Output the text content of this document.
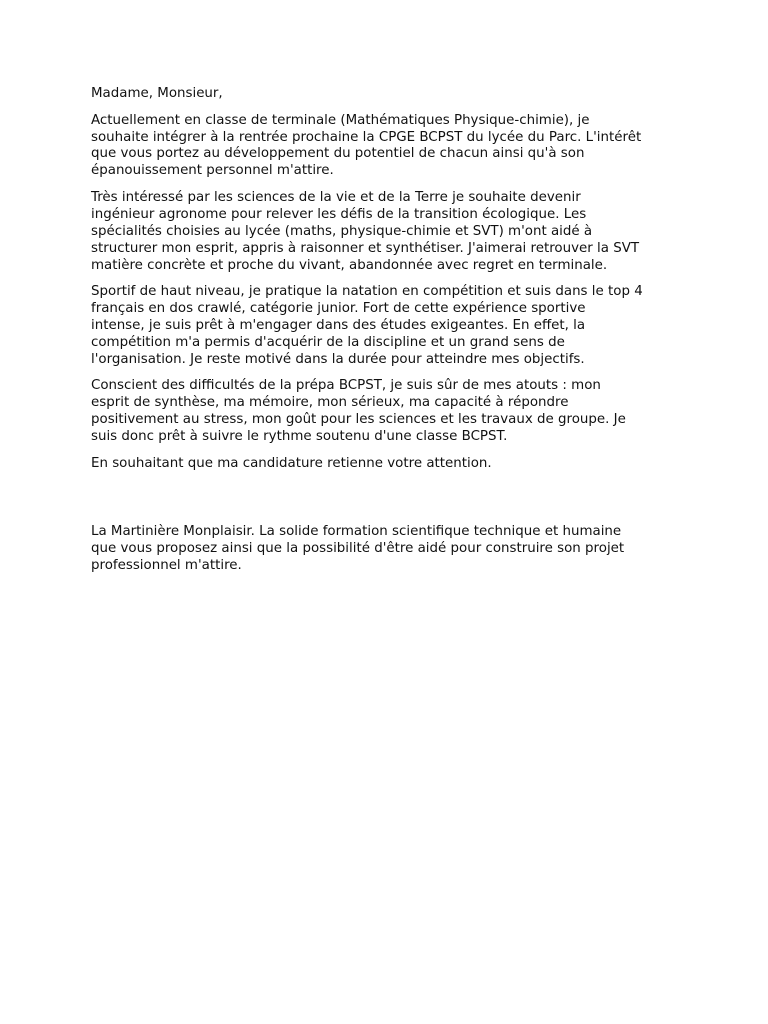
Madame, Monsieur,

Actuellement en classe de terminale (Mathématiques Physique-chimie), je
souhaite intégrer à la rentrée prochaine la CPGE BCPST du lycée du Parc. L'intérêt
que vous portez au développement du potentiel de chacun ainsi qu'à son
épanouissement personnel m'attire.

Très intéressé par les sciences de la vie et de la Terre je souhaite devenir
ingénieur agronome pour relever les défis de la transition écologique. Les
spécialités choisies au lycée (maths, physique-chimie et SVT) m'ont aidé à
structurer mon esprit, appris à raisonner et synthétiser. J'aimerai retrouver la SVT
matière concrète et proche du vivant, abandonnée avec regret en terminale.

Sportif de haut niveau, je pratique la natation en compétition et suis dans le top 4
français en dos crawlé, catégorie junior. Fort de cette expérience sportive
intense, je suis prêt à m'engager dans des études exigeantes. En effet, la
compétition m'a permis d'acquérir de la discipline et un grand sens de
l'organisation. Je reste motivé dans la durée pour atteindre mes objectifs.

Conscient des difficultés de la prépa BCPST, je suis sûr de mes atouts : mon
esprit de synthèse, ma mémoire, mon sérieux, ma capacité à répondre
positivement au stress, mon goût pour les sciences et les travaux de groupe. Je
suis donc prêt à suivre le rythme soutenu d'une classe BCPST.

En souhaitant que ma candidature retienne votre attention.

La Martinière Monplaisir. La solide formation scientifique technique et humaine
que vous proposez ainsi que la possibilité d'être aidé pour construire son projet
professionnel m'attire.
